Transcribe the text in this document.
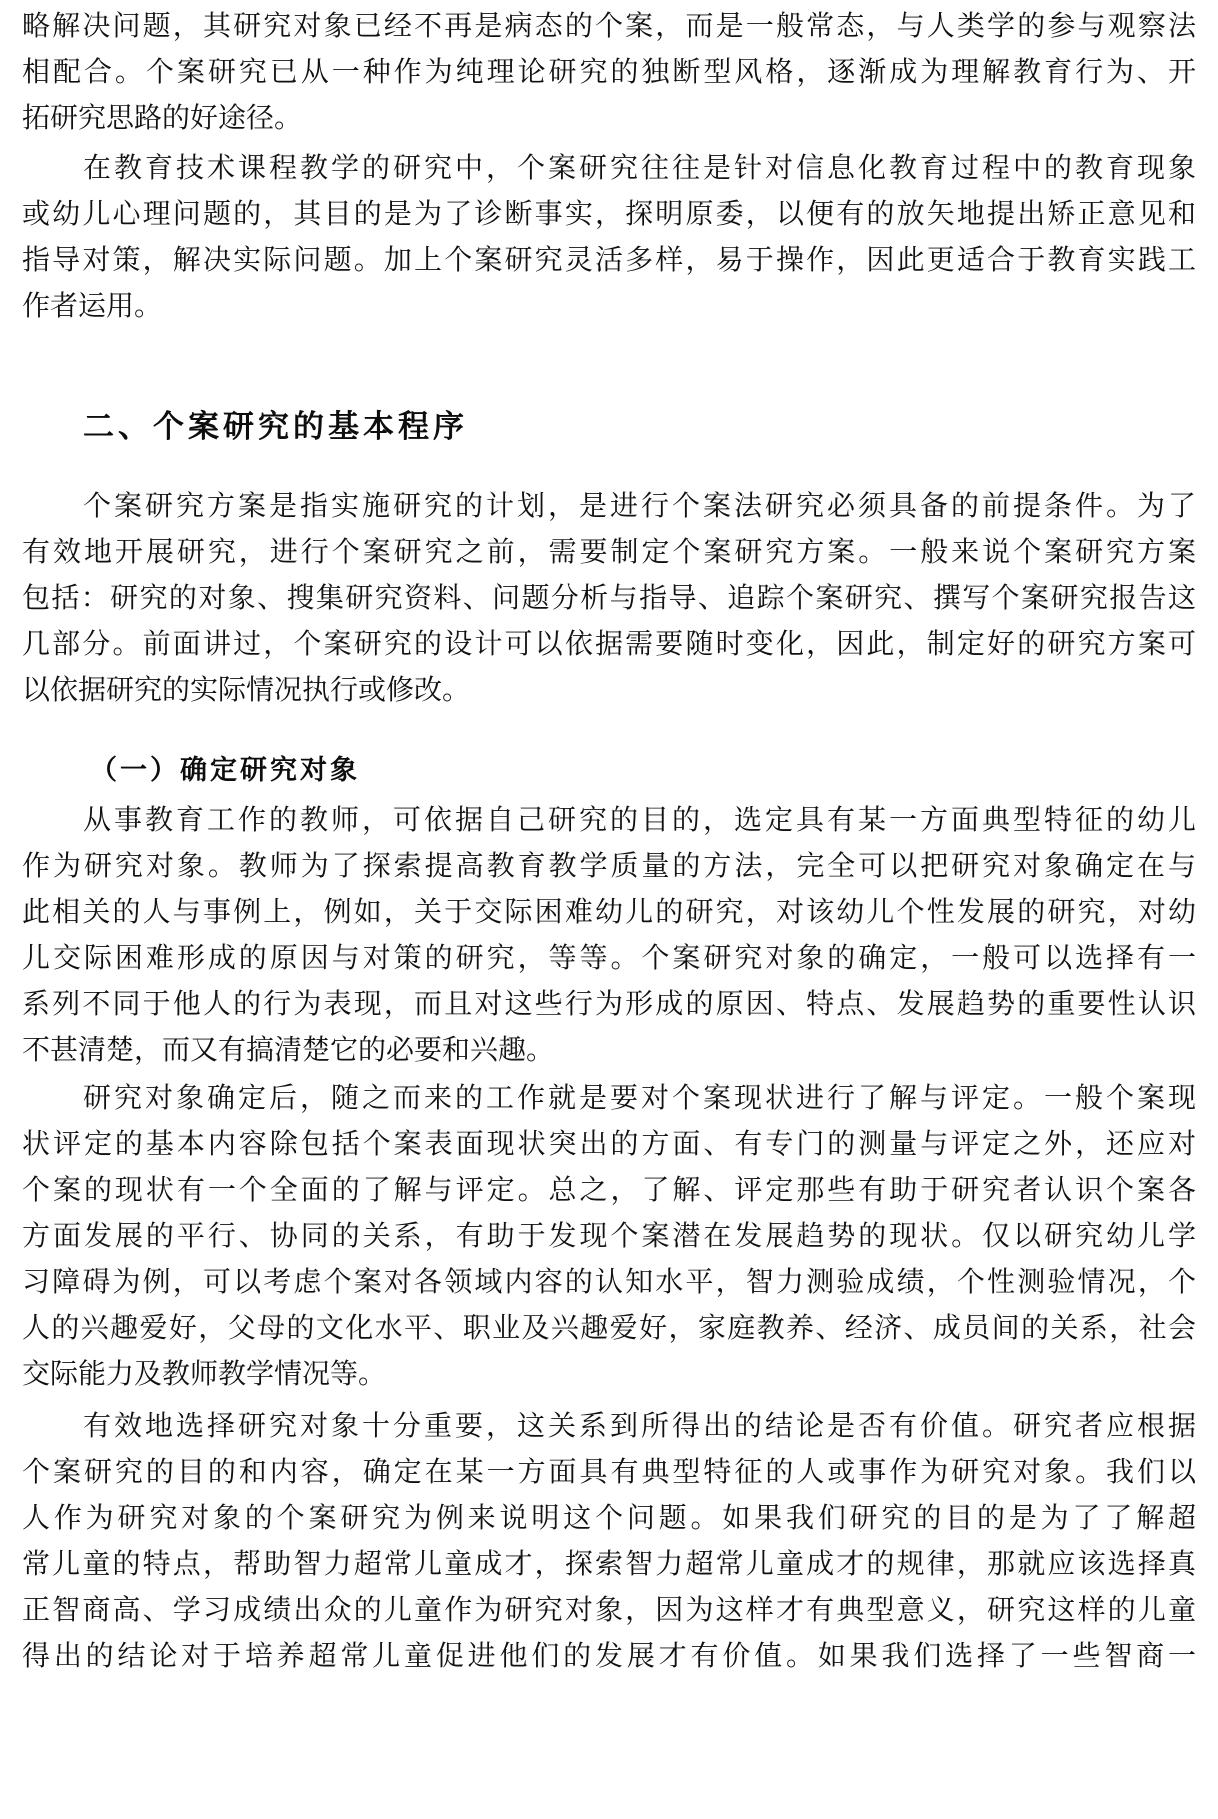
略解决问题，其研究对象已经不再是病态的个案，而是一般常态，与人类学的参与观察法
相配合。个案研究已从一种作为纯理论研究的独断型风格，逐渐成为理解教育行为、开
拓研究思路的好途径。
在教育技术课程教学的研究中，个案研究往往是针对信息化教育过程中的教育现象
或幼儿心理问题的，其目的是为了诊断事实，探明原委，以便有的放矢地提出矫正意见和
指导对策，解决实际问题。加上个案研究灵活多样，易于操作，因此更适合于教育实践工
作者运用。
二、个案研究的基本程序
个案研究方案是指实施研究的计划，是进行个案法研究必须具备的前提条件。为了
有效地开展研究，进行个案研究之前，需要制定个案研究方案。一般来说个案研究方案
包括：研究的对象、搜集研究资料、问题分析与指导、追踪个案研究、撰写个案研究报告这
几部分。前面讲过，个案研究的设计可以依据需要随时变化，因此，制定好的研究方案可
以依据研究的实际情况执行或修改。
（一）确定研究对象
从事教育工作的教师，可依据自己研究的目的，选定具有某一方面典型特征的幼儿
作为研究对象。教师为了探索提高教育教学质量的方法，完全可以把研究对象确定在与
此相关的人与事例上，例如，关于交际困难幼儿的研究，对该幼儿个性发展的研究，对幼
儿交际困难形成的原因与对策的研究，等等。个案研究对象的确定，一般可以选择有一
系列不同于他人的行为表现，而且对这些行为形成的原因、特点、发展趋势的重要性认识
不甚清楚，而又有搞清楚它的必要和兴趣。
研究对象确定后，随之而来的工作就是要对个案现状进行了解与评定。一般个案现
状评定的基本内容除包括个案表面现状突出的方面、有专门的测量与评定之外，还应对
个案的现状有一个全面的了解与评定。总之，了解、评定那些有助于研究者认识个案各
方面发展的平行、协同的关系，有助于发现个案潜在发展趋势的现状。仅以研究幼儿学
习障碍为例，可以考虑个案对各领域内容的认知水平，智力测验成绩，个性测验情况，个
人的兴趣爱好，父母的文化水平、职业及兴趣爱好，家庭教养、经济、成员间的关系，社会
交际能力及教师教学情况等。
有效地选择研究对象十分重要，这关系到所得出的结论是否有价值。研究者应根据
个案研究的目的和内容，确定在某一方面具有典型特征的人或事作为研究对象。我们以
人作为研究对象的个案研究为例来说明这个问题。如果我们研究的目的是为了了解超
常儿童的特点，帮助智力超常儿童成才，探索智力超常儿童成才的规律，那就应该选择真
正智商高、学习成绩出众的儿童作为研究对象，因为这样才有典型意义，研究这样的儿童
得出的结论对于培养超常儿童促进他们的发展才有价值。如果我们选择了一些智商一
